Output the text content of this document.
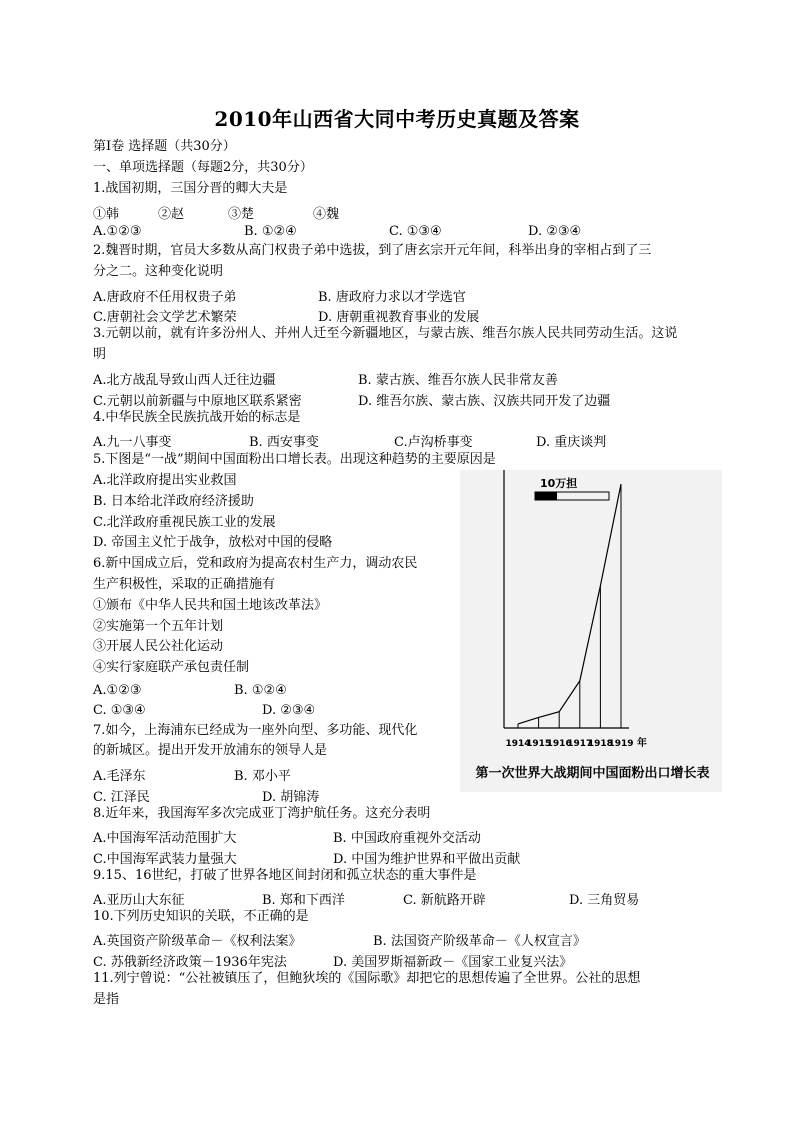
2010年山西省大同中考历史真题及答案
第Ⅰ卷 选择题（共30分）
一、单项选择题（每题2分，共30分）
1.战国初期，三国分晋的卿大夫是
①韩	②赵	③楚	④魏
A.①②③	B. ①②④	C. ①③④	D. ②③④
2.魏晋时期，官员大多数从高门权贵子弟中选拔，到了唐玄宗开元年间，科举出身的宰相占到了三
分之二。这种变化说明
A.唐政府不任用权贵子弟	B. 唐政府力求以才学选官
C.唐朝社会文学艺术繁荣	D. 唐朝重视教育事业的发展
3.元朝以前，就有许多汾州人、并州人迁至今新疆地区，与蒙古族、维吾尔族人民共同劳动生活。这说
明
A.北方战乱导致山西人迁往边疆	B. 蒙古族、维吾尔族人民非常友善
C.元朝以前新疆与中原地区联系紧密	D. 维吾尔族、蒙古族、汉族共同开发了边疆
4.中华民族全民族抗战开始的标志是
A.九一八事变	B. 西安事变	C.卢沟桥事变	D. 重庆谈判
5.下图是“一战”期间中国面粉出口增长表。出现这种趋势的主要原因是
A.北洋政府提出实业救国
B. 日本给北洋政府经济援助
C.北洋政府重视民族工业的发展
D. 帝国主义忙于战争，放松对中国的侵略
6.新中国成立后，党和政府为提高农村生产力，调动农民
生产积极性，采取的正确措施有
①颁布《中华人民共和国土地该改革法》
②实施第一个五年计划
③开展人民公社化运动
④实行家庭联产承包责任制
A.①②③	B. ①②④
C. ①③④	D. ②③④
7.如今，上海浦东已经成为一座外向型、多功能、现代化
的新城区。提出开发开放浦东的领导人是
A.毛泽东	B. 邓小平
C. 江泽民	D. 胡锦涛
8.近年来，我国海军多次完成亚丁湾护航任务。这充分表明
A.中国海军活动范围扩大	B. 中国政府重视外交活动
C.中国海军武装力量强大	D. 中国为维护世界和平做出贡献
9.15、16世纪，打破了世界各地区间封闭和孤立状态的重大事件是
A.亚历山大东征	B. 郑和下西洋	C. 新航路开辟	D. 三角贸易
10.下列历史知识的关联，不正确的是
A.英国资产阶级革命－《权利法案》	B. 法国资产阶级革命－《人权宣言》
C. 苏俄新经济政策－1936年宪法	D. 美国罗斯福新政－《国家工业复兴法》
11.列宁曾说：“公社被镇压了，但鲍狄埃的《国际歌》却把它的思想传遍了全世界。公社的思想
是指
10万担
1914
1915
1916
1917
1918
1919 年
第一次世界大战期间中国面粉出口增长表
